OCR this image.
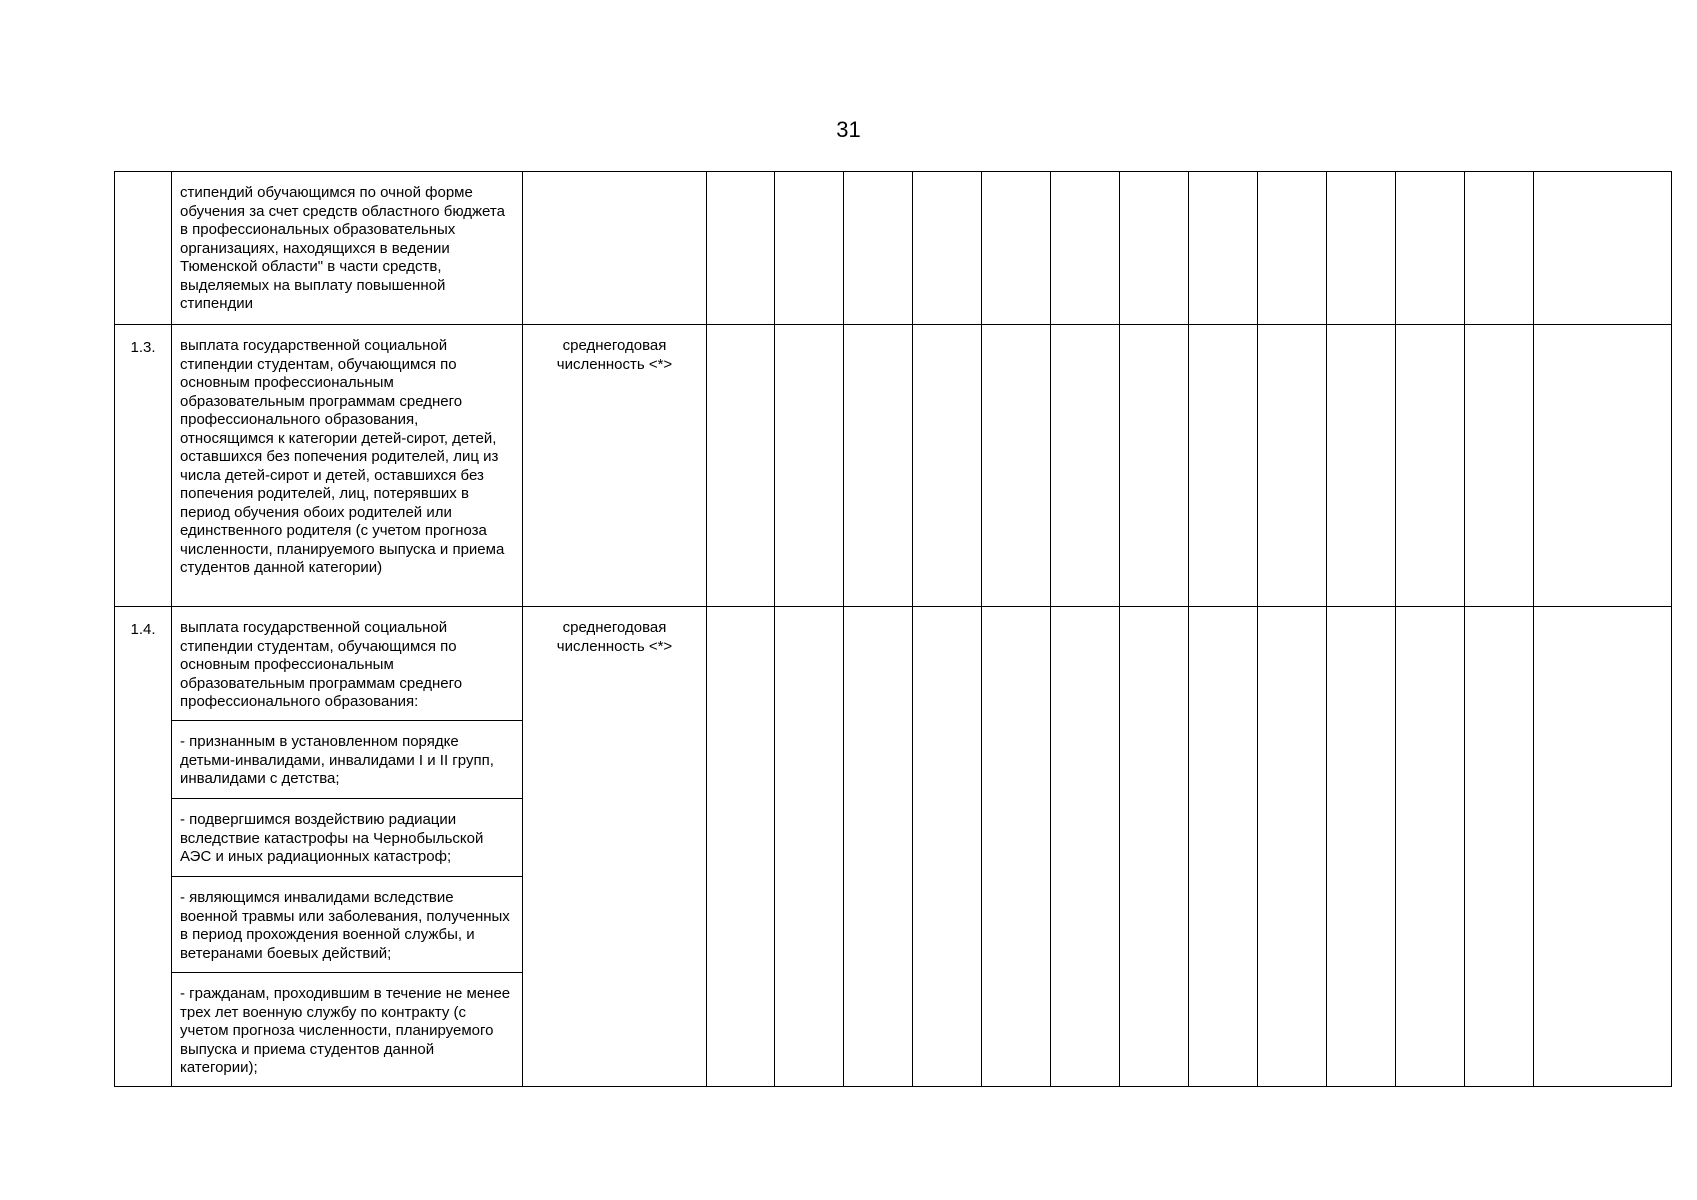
31
	стипендий обучающимся по очной форме обучения за счет средств областного бюджета в профессиональных образовательных организациях, находящихся в ведении Тюменской области" в части средств, выделяемых на выплату повышенной стипендии														
1.3.	выплата государственной социальной стипендии студентам, обучающимся по основным профессиональным образовательным программам среднего профессионального образования, относящимся к категории детей-сирот, детей, оставшихся без попечения родителей, лиц из числа детей-сирот и детей, оставшихся без попечения родителей, лиц, потерявших в период обучения обоих родителей или единственного родителя (с учетом прогноза численности, планируемого выпуска и приема студентов данной категории)	среднегодовая численность <*>													
1.4.	выплата государственной социальной стипендии студентам, обучающимся по основным профессиональным образовательным программам среднего профессионального образования:	среднегодовая численность <*>													
	- признанным в установленном порядке детьми-инвалидами, инвалидами I и II групп, инвалидами с детства;														
	- подвергшимся воздействию радиации вследствие катастрофы на Чернобыльской АЭС и иных радиационных катастроф;														
	- являющимся инвалидами вследствие военной травмы или заболевания, полученных в период прохождения военной службы, и ветеранами боевых действий;														
	- гражданам, проходившим в течение не менее трех лет военную службу по контракту (с учетом прогноза численности, планируемого выпуска и приема студентов данной категории);														
